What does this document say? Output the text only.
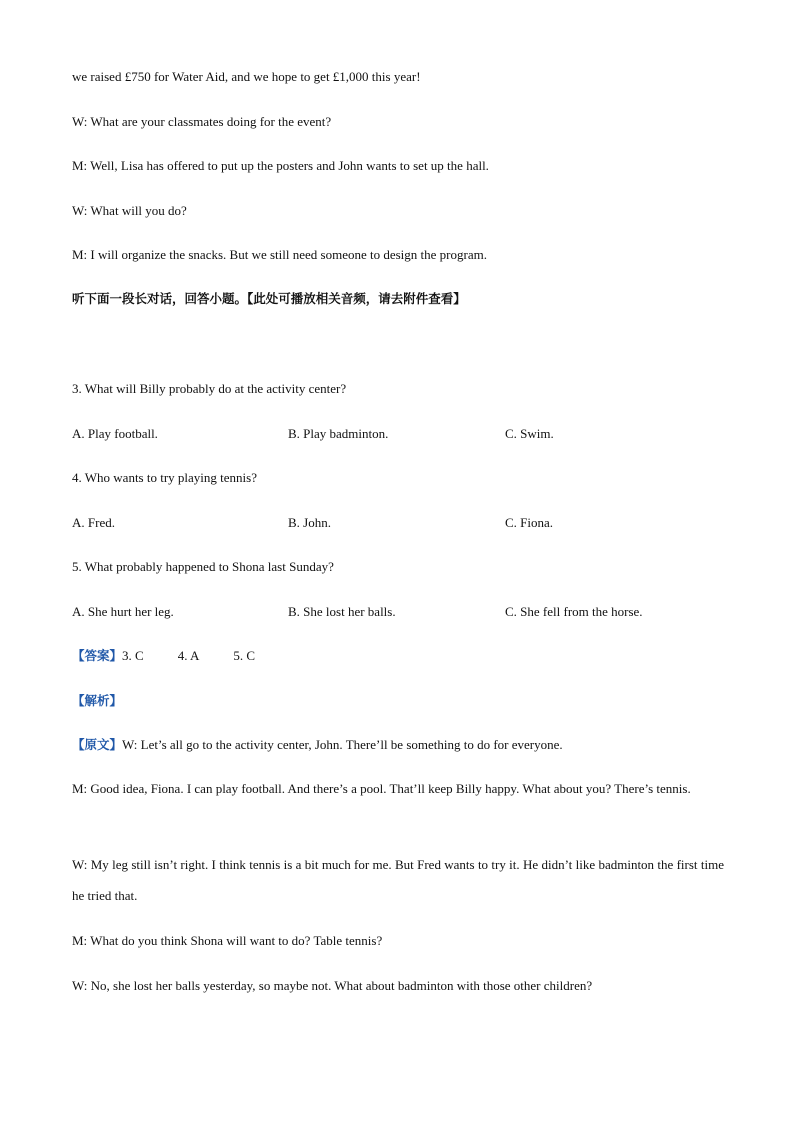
we raised £750 for Water Aid, and we hope to get £1,000 this year!
W: What are your classmates doing for the event?
M: Well, Lisa has offered to put up the posters and John wants to set up the hall.
W: What will you do?
M: I will organize the snacks. But we still need someone to design the program.
听下面一段长对话，回答小题。【此处可播放相关音频，请去附件查看】
3. What will Billy probably do at the activity center?
A. Play football.	B. Play badminton.	C. Swim.
4. Who wants to try playing tennis?
A. Fred.	B. John.	C. Fiona.
5. What probably happened to Shona last Sunday?
A. She hurt her leg.	B. She lost her balls.	C. She fell from the horse.
【答案】3. C	4. A	5. C
【解析】
【原文】W: Let’s all go to the activity center, John. There’ll be something to do for everyone.
M: Good idea, Fiona. I can play football. And there’s a pool. That’ll keep Billy happy. What about you? There’s tennis.
W: My leg still isn’t right. I think tennis is a bit much for me. But Fred wants to try it. He didn’t like badminton the first time he tried that.
M: What do you think Shona will want to do? Table tennis?
W: No, she lost her balls yesterday, so maybe not. What about badminton with those other children?
